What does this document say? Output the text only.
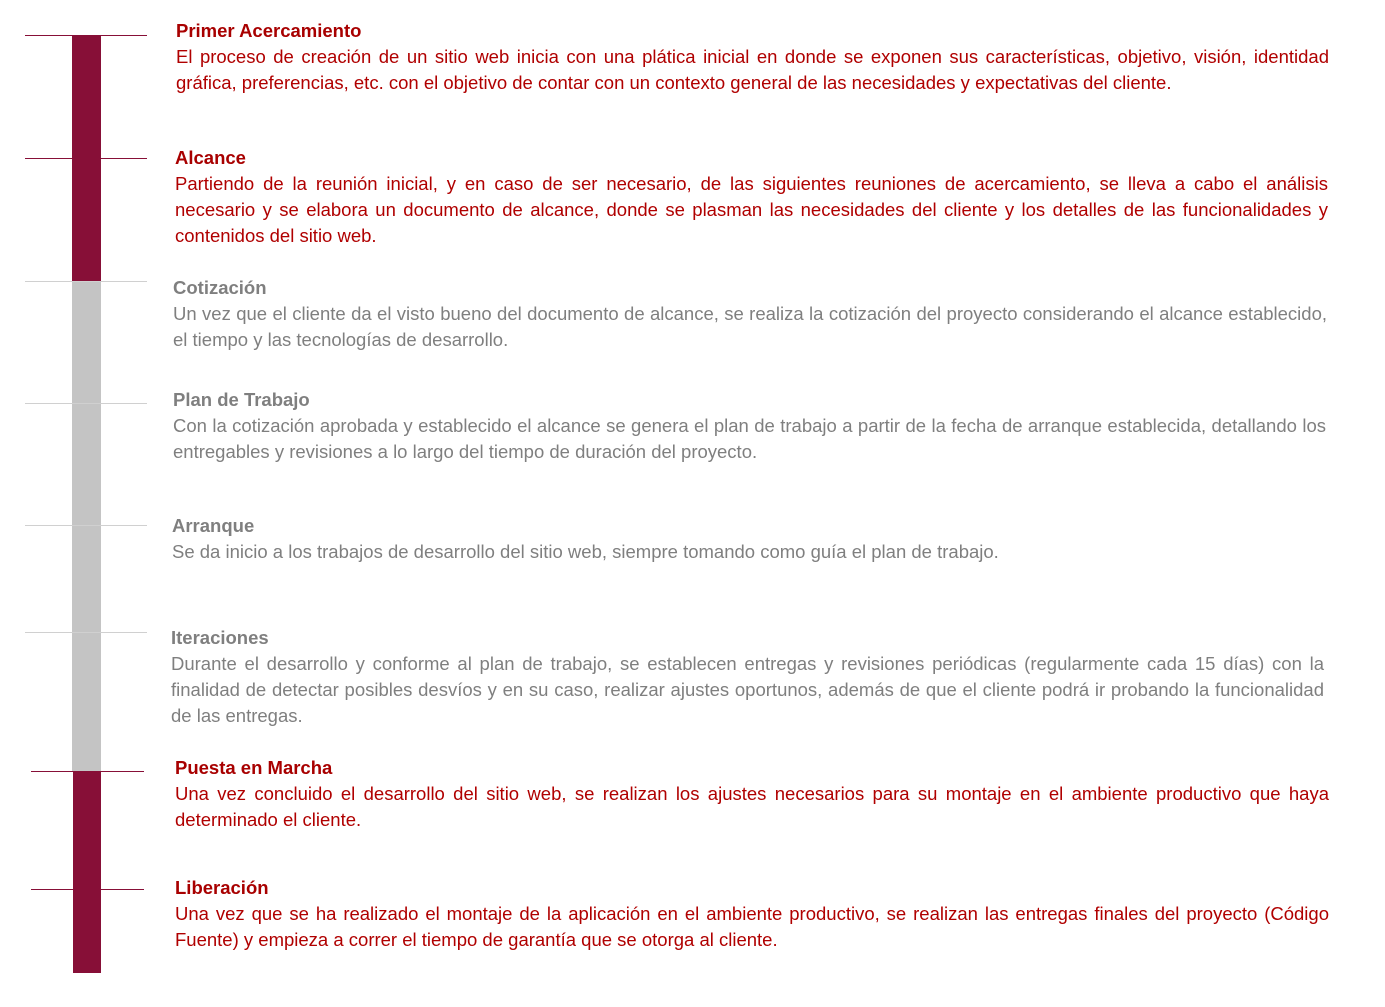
Primer Acercamiento
El proceso de creación de un sitio web inicia con una plática inicial en donde se exponen sus características, objetivo, visión, identidad gráfica, preferencias, etc. con el objetivo de contar con un contexto general de las necesidades y expectativas del cliente.
Alcance
Partiendo de la reunión inicial, y en caso de ser necesario, de las siguientes reuniones de acercamiento, se lleva a cabo el análisis necesario y se elabora un documento de alcance, donde se plasman las necesidades del cliente y los detalles de las funcionalidades y contenidos del sitio web.
Cotización
Un vez que el cliente da el visto bueno del documento de alcance, se realiza la cotización del proyecto considerando el alcance establecido, el tiempo y las tecnologías de desarrollo.
Plan de Trabajo
Con la cotización aprobada y establecido el alcance se genera el plan de trabajo a partir de la fecha de arranque establecida, detallando los entregables y revisiones a lo largo del tiempo de duración del proyecto.
Arranque
Se da inicio a los trabajos de desarrollo del sitio web, siempre tomando como guía el plan de trabajo.
Iteraciones
Durante el desarrollo y conforme al plan de trabajo, se establecen entregas y revisiones periódicas (regularmente cada 15 días) con la finalidad de detectar posibles desvíos y en su caso, realizar ajustes oportunos, además de que el cliente podrá ir probando la funcionalidad de las entregas.
Puesta en Marcha
Una vez concluido el desarrollo del sitio web, se realizan los ajustes necesarios para su montaje en el ambiente productivo que haya determinado el cliente.
Liberación
Una vez que se ha realizado el montaje de la aplicación en el ambiente productivo, se realizan las entregas finales del proyecto (Código Fuente) y empieza a correr el tiempo de garantía que se otorga al cliente.
